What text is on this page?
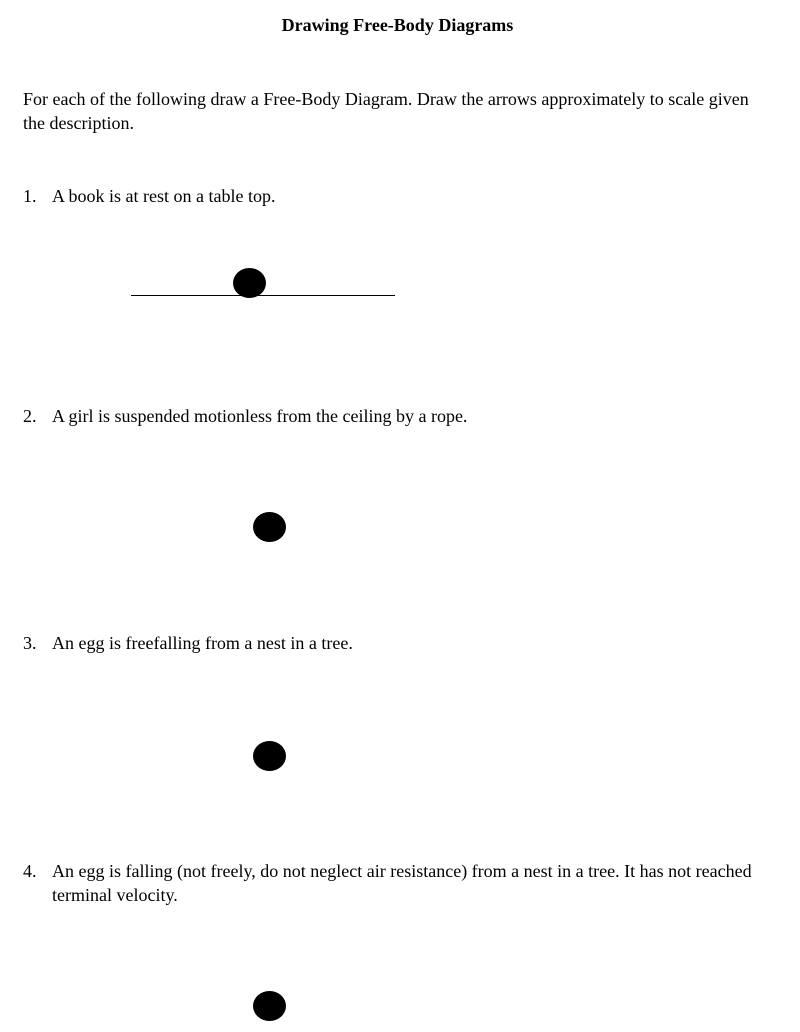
Drawing Free-Body Diagrams
For each of the following draw a Free-Body Diagram. Draw the arrows approximately to scale given the description.
1. A book is at rest on a table top.
2. A girl is suspended motionless from the ceiling by a rope.
3. An egg is freefalling from a nest in a tree.
4. An egg is falling (not freely, do not neglect air resistance) from a nest in a tree. It has not reached terminal velocity.
